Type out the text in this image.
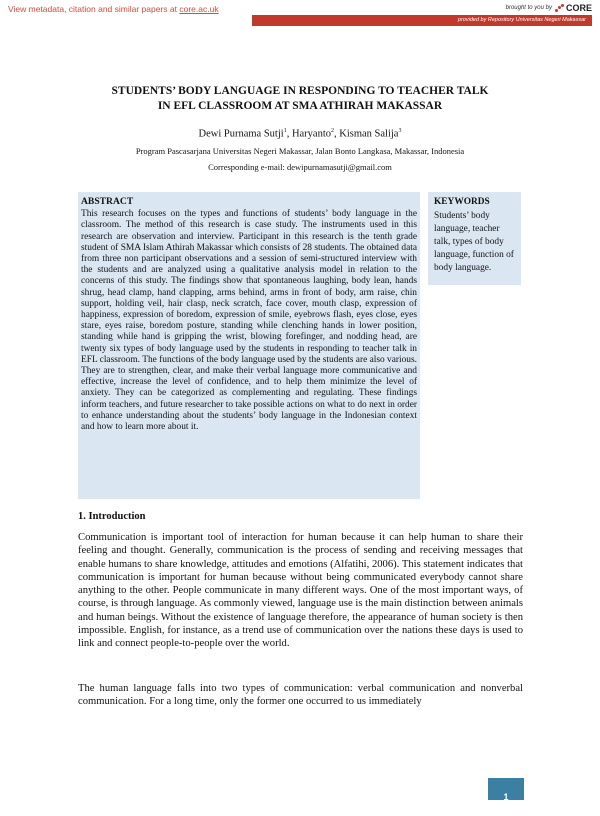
View metadata, citation and similar papers at core.ac.uk	brought to you by CORE
provided by Repository Universitas Negeri Makassar
STUDENTS’ BODY LANGUAGE IN RESPONDING TO TEACHER TALK
IN EFL CLASSROOM AT SMA ATHIRAH MAKASSAR
Dewi Purnama Sutji$^1$, Haryanto$^2$, Kisman Salija$^3$
Program Pascasarjana Universitas Negeri Makassar, Jalan Bonto Langkasa, Makassar, Indonesia
Corresponding e-mail: dewipurnamasutji@gmail.com
ABSTRACT

This research focuses on the types and functions of students’ body language in the classroom. The method of this research is case study. The instruments used in this research are observation and interview. Participant in this research is the tenth grade student of SMA Islam Athirah Makassar which consists of 28 students. The obtained data from three non participant observations and a session of semi-structured interview with the students and are analyzed using a qualitative analysis model in relation to the concerns of this study. The findings show that spontaneous laughing, body lean, hands shrug, head clamp, hand clapping, arms behind, arms in front of body, arm raise, chin support, holding veil, hair clasp, neck scratch, face cover, mouth clasp, expression of happiness, expression of boredom, expression of smile, eyebrows flash, eyes close, eyes stare, eyes raise, boredom posture, standing while clenching hands in lower position, standing while hand is gripping the wrist, blowing forefinger, and nodding head, are twenty six types of body language used by the students in responding to teacher talk in EFL classroom. The functions of the body language used by the students are also various. They are to strengthen, clear, and make their verbal language more communicative and effective, increase the level of confidence, and to help them minimize the level of anxiety. They can be categorized as complementing and regulating. These findings inform teachers, and future researcher to take possible actions on what to do next in order to enhance understanding about the students’ body language in the Indonesian context and how to learn more about it.

KEYWORDS

Students’ body language, teacher talk, types of body language, function of body language.

1. Introduction

Communication is important tool of interaction for human because it can help human to share their feeling and thought. Generally, communication is the process of sending and receiving messages that enable humans to share knowledge, attitudes and emotions (Alfatihi, 2006). This statement indicates that communication is important for human because without being communicated everybody cannot share anything to the other. People communicate in many different ways. One of the most important ways, of course, is through language. As commonly viewed, language use is the main distinction between animals and human beings. Without the existence of language therefore, the appearance of human society is then impossible. English, for instance, as a trend use of communication over the nations these days is used to link and connect people-to-people over the world.

The human language falls into two types of communication: verbal communication and nonverbal communication. For a long time, only the former one occurred to us immediately

1
